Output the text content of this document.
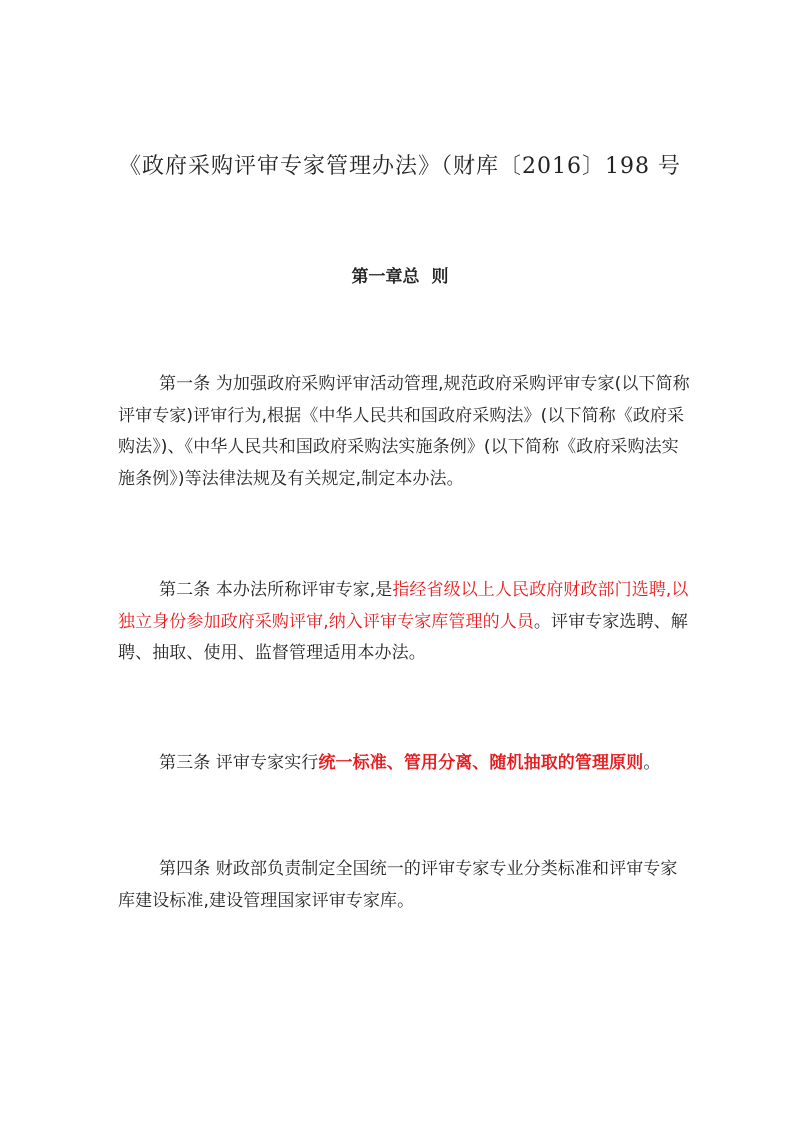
《政府采购评审专家管理办法》（财库〔2016〕198 号
第一章总 则
第一条 为加强政府采购评审活动管理,规范政府采购评审专家(以下简称评审专家)评审行为,根据《中华人民共和国政府采购法》(以下简称《政府采购法》)、《中华人民共和国政府采购法实施条例》(以下简称《政府采购法实施条例》)等法律法规及有关规定,制定本办法。
第二条 本办法所称评审专家,是指经省级以上人民政府财政部门选聘,以独立身份参加政府采购评审,纳入评审专家库管理的人员。评审专家选聘、解聘、抽取、使用、监督管理适用本办法。
第三条 评审专家实行统一标准、管用分离、随机抽取的管理原则。
第四条 财政部负责制定全国统一的评审专家专业分类标准和评审专家库建设标准,建设管理国家评审专家库。
